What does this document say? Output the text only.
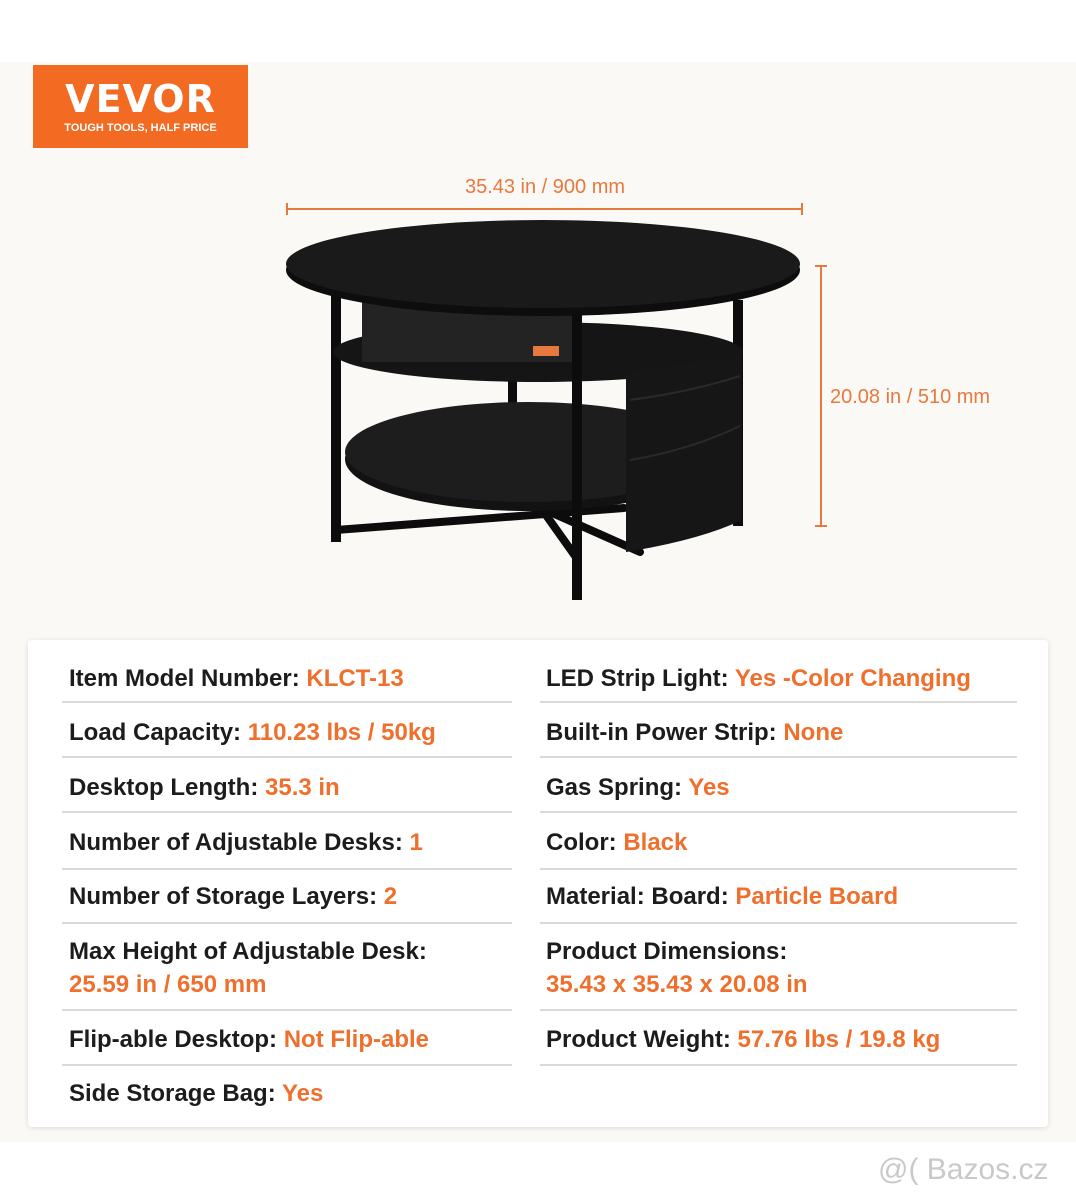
VEVOR
TOUGH TOOLS, HALF PRICE
35.43 in / 900 mm
20.08 in / 510 mm
Item Model Number: KLCT-13
Load Capacity: 110.23 lbs / 50kg
Desktop Length: 35.3 in
Number of Adjustable Desks: 1
Number of Storage Layers: 2
Max Height of Adjustable Desk:
25.59 in / 650 mm
Flip-able Desktop: Not Flip-able
Side Storage Bag: Yes
LED Strip Light: Yes -Color Changing
Built-in Power Strip: None
Gas Spring: Yes
Color: Black
Material: Board: Particle Board
Product Dimensions:
35.43 x 35.43 x 20.08 in
Product Weight: 57.76 lbs / 19.8 kg
@( Bazos.cz
